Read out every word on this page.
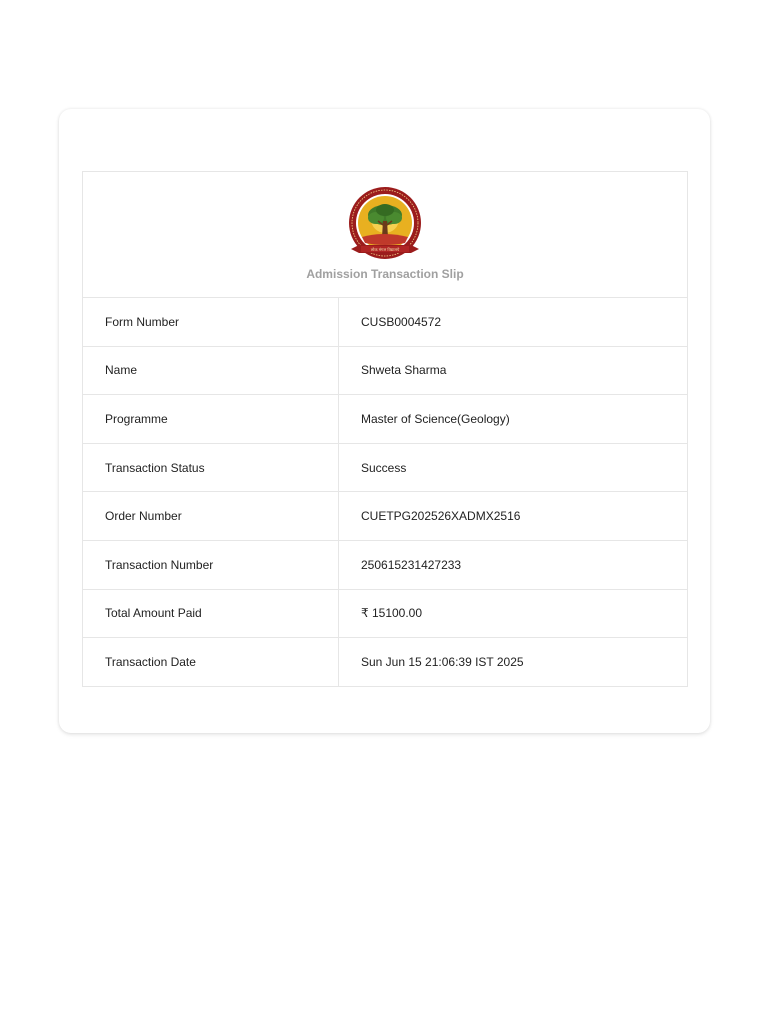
लोक मंगल विद्यालये
Admission Transaction Slip	

Form Number	CUSB0004572
Name	Shweta Sharma
Programme	Master of Science(Geology)
Transaction Status	Success
Order Number	CUETPG202526XADMX2516
Transaction Number	250615231427233
Total Amount Paid	₹ 15100.00
Transaction Date	Sun Jun 15 21:06:39 IST 2025
